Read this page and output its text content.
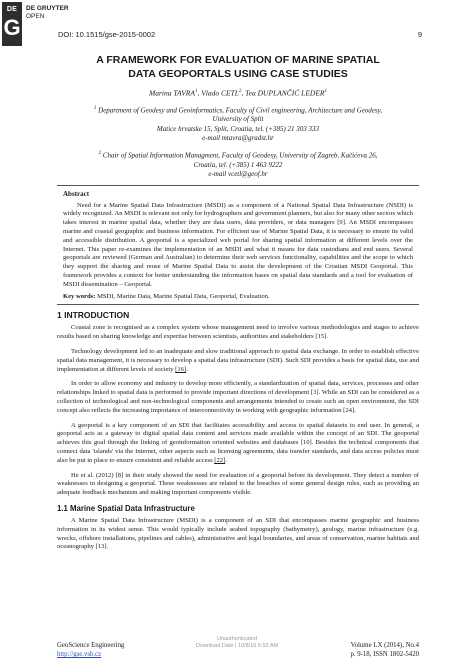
DE
G
DE GRUYTER
OPEN
DOI: 10.1515/gse-2015-0002	9
A FRAMEWORK FOR EVALUATION OF MARINE SPATIAL
DATA GEOPORTALS USING CASE STUDIES
Marina TAVRA$^1$, Vlado CETL$^2$, Tea DUPLANČIĆ LEDER$^1$
$^1$ Department of Geodesy and Geoinformatics, Faculty of Civil engineering, Architecture and Geodesy,
University of Split
Matice hrvatske 15, Split, Croatia, tel. (+385) 21 303 333
e-mail mtavra@gradst.hr
$^2$ Chair of Spatial Information Managment, Faculty of Geodesy, University of Zagreb, Kačićeva 26,
Croatia, tel. (+385) 1 463 9222
e-mail vcetl@geof.hr
Abstract
Need for a Marine Spatial Data Infrastructure (MSDI) as a component of a National Spatial Data Infrastructure (NSDI) is widely recognized. An MSDI is relevant not only for hydrographers and government planners, but also for many other sectors which takes interest in marine spatial data, whether they are data users, data providers, or data managers [9]. An MSDI encompasses marine and coastal geographic and business information. For efficient use of Marine Spatial Data, it is necessary to ensure its valid and accessible distribution. A geoportal is a specialized web portal for sharing spatial information at different levels over the Internet. This paper re-examines the implementation of an MSDI and what it means for data custodians and end users. Several geoportals are reviewed (German and Australian) to determine their web services functionality, capabilities and the scope to which they support the sharing and reuse of Marine Spatial Data to assist the development of the Croatian MSDI Geoportal. This framework provides a context for better understanding the information bases on spatial data standards and a tool for evaluation of MSDI dissemination – Geoportal.
Key words: MSDI, Marine Data, Marine Spatial Data, Geoportal, Evaluation.
1 INTRODUCTION

Coastal zone is recognised as a complex system whose management need to involve various methodologies and stages to achieve results based on sharing knowledge and expertise between scientists, authorities and stakeholders [15].

Technology development led to an inadequate and slow traditional approach to spatial data exchange. In order to establish effective spatial data management, it is necessary to develop a spatial data infrastructure (SDI). Such SDI provides a basis for spatial data, use and implementation at different levels of society [16].

In order to allow economy and industry to develop more efficiently, a standardization of spatial data, services, processes and other relationships linked to spatial data is performed to provide important directions of development [3]. While an SDI can be considered as a collection of technological and non-technological components and arrangements intended to create such an open environment, the SDI concept also reflects the increasing importance of interconnectivity in working with geographic information [24].

A geoportal is a key component of an SDI that facilitates accessibility and access to spatial datasets to end user. In general, a geoportal acts as a gateway to digital spatial data content and services made available within the concept of an SDI. The geoportal achieves this goal through the linking of geoinformation oriented websites and databases [10]. Besides the technical components that connect data 'islands' via the Internet, other aspects such as licensing agreements, data transfer standards, and data access policies must also be put in place to ensure consistent and reliable access [22].

He et al. (2012) [8] in their study showed the need for evaluation of a geoportal before its development. They detect a number of weaknesses in designing a geoportal. These weaknesses are related to the breaches of some general design rules, such as providing an adequate feedback mechanism and making important components visible.

1.1 Marine Spatial Data Infrastructure

A Marine Spatial Data Infrastructure (MSDI) is a component of an SDI that encompasses marine geographic and business information in its widest sense. This would typically include seabed topography (bathymetry), geology, marine infrastructure (e.g. wrecks, offshore installations, pipelines and cables), administrative and legal boundaries, and areas of conservation, marine habitats and oceanography [13].

Unauthenticated
Download Date | 10/8/16 6:53 AM
GeoScience Engineering
http://gse.vsb.cz
Volume LX (2014), No.4
p. 9-18, ISSN 1802-5420
